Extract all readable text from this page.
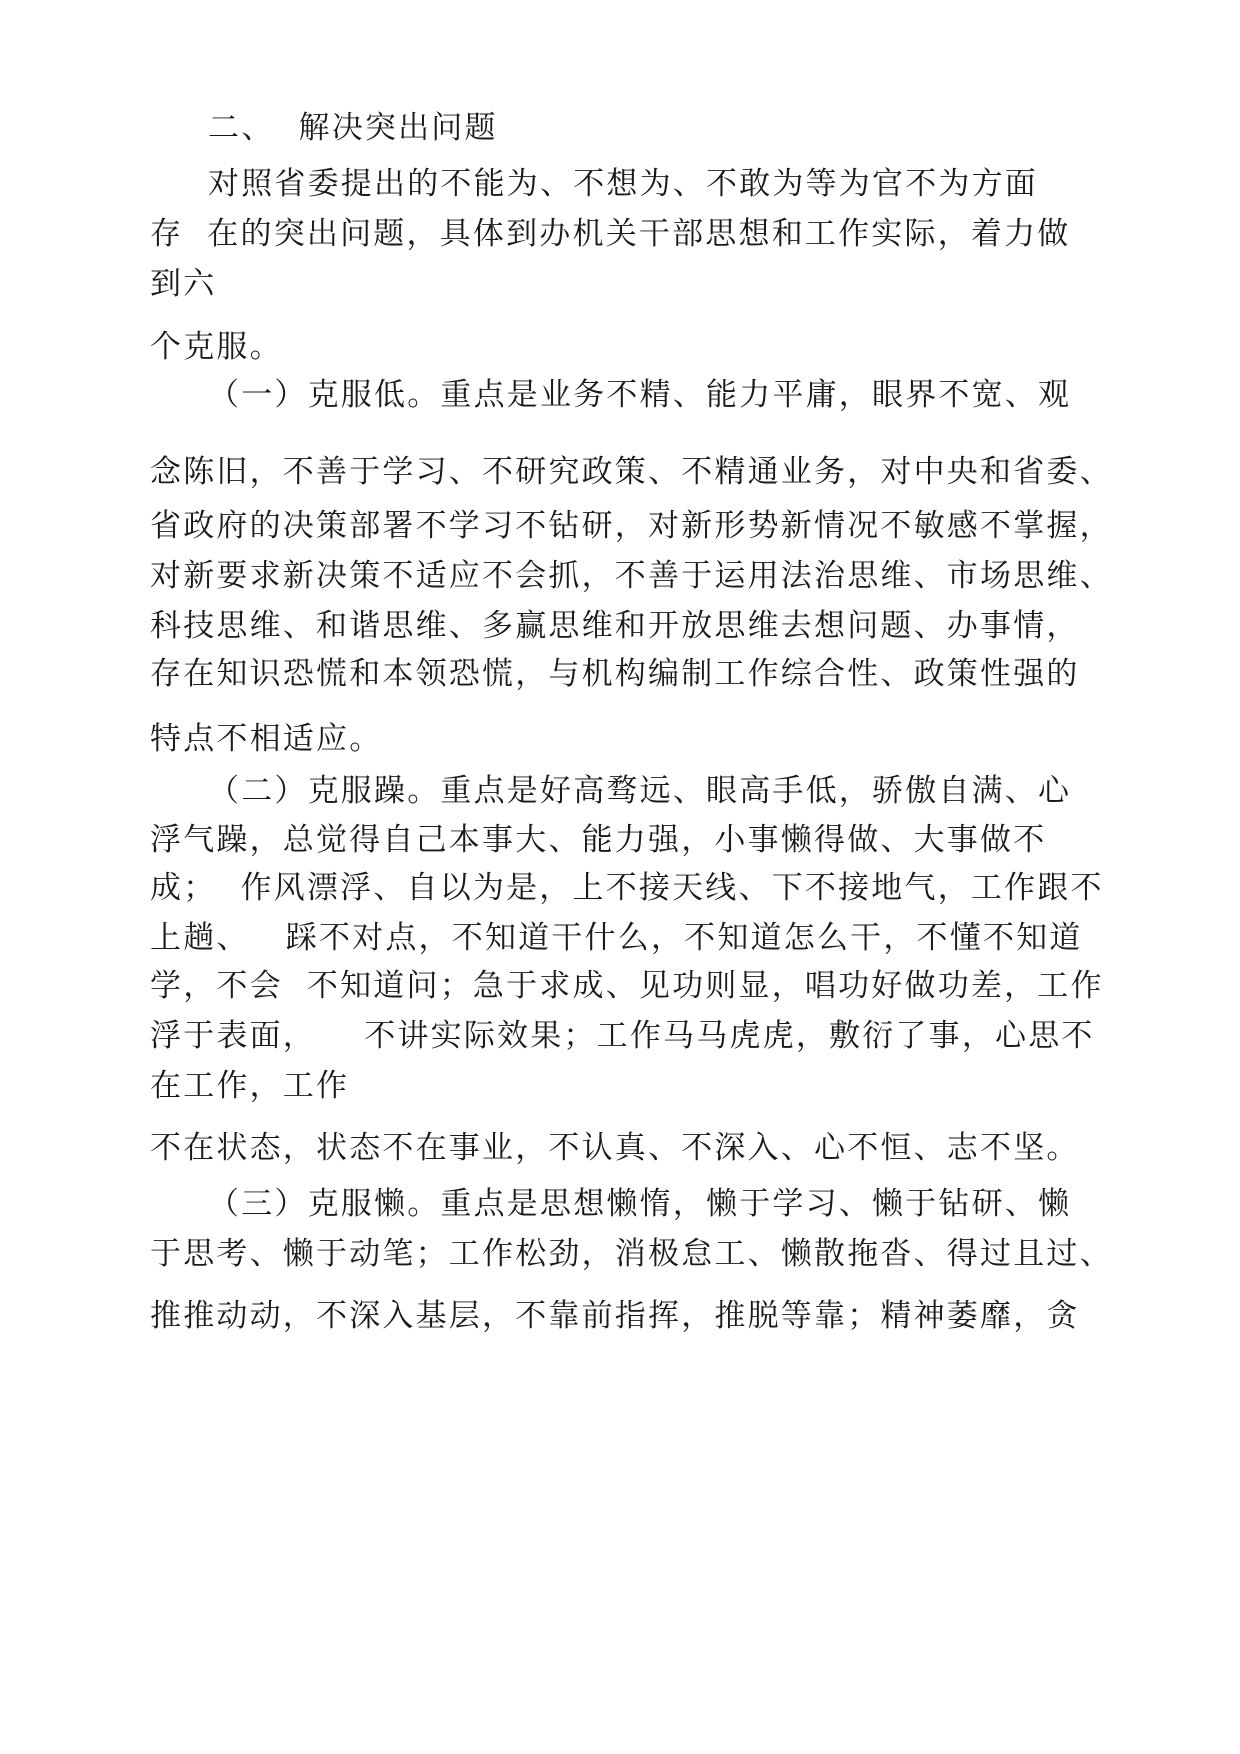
二、  解决突出问题
对照省委提出的不能为、不想为、不敢为等为官不为方面
存  在的突出问题，具体到办机关干部思想和工作实际，着力做
到六
个克服。
（一）克服低。重点是业务不精、能力平庸，眼界不宽、观
念陈旧，不善于学习、不研究政策、不精通业务，对中央和省委、
省政府的决策部署不学习不钻研，对新形势新情况不敏感不掌握，
对新要求新决策不适应不会抓，不善于运用法治思维、市场思维、
科技思维、和谐思维、多赢思维和开放思维去想问题、办事情，
存在知识恐慌和本领恐慌，与机构编制工作综合性、政策性强的
特点不相适应。
（二）克服躁。重点是好高骛远、眼高手低，骄傲自满、心
浮气躁，总觉得自己本事大、能力强，小事懒得做、大事做不
成；  作风漂浮、自以为是，上不接天线、下不接地气，工作跟不
上趟、   踩不对点，不知道干什么，不知道怎么干，不懂不知道
学，不会  不知道问；急于求成、见功则显，唱功好做功差，工作
浮于表面，    不讲实际效果；工作马马虎虎，敷衍了事，心思不
在工作，工作
不在状态，状态不在事业，不认真、不深入、心不恒、志不坚。
（三）克服懒。重点是思想懒惰，懒于学习、懒于钻研、懒
于思考、懒于动笔；工作松劲，消极怠工、懒散拖沓、得过且过、
推推动动，不深入基层，不靠前指挥，推脱等靠；精神萎靡，贪
